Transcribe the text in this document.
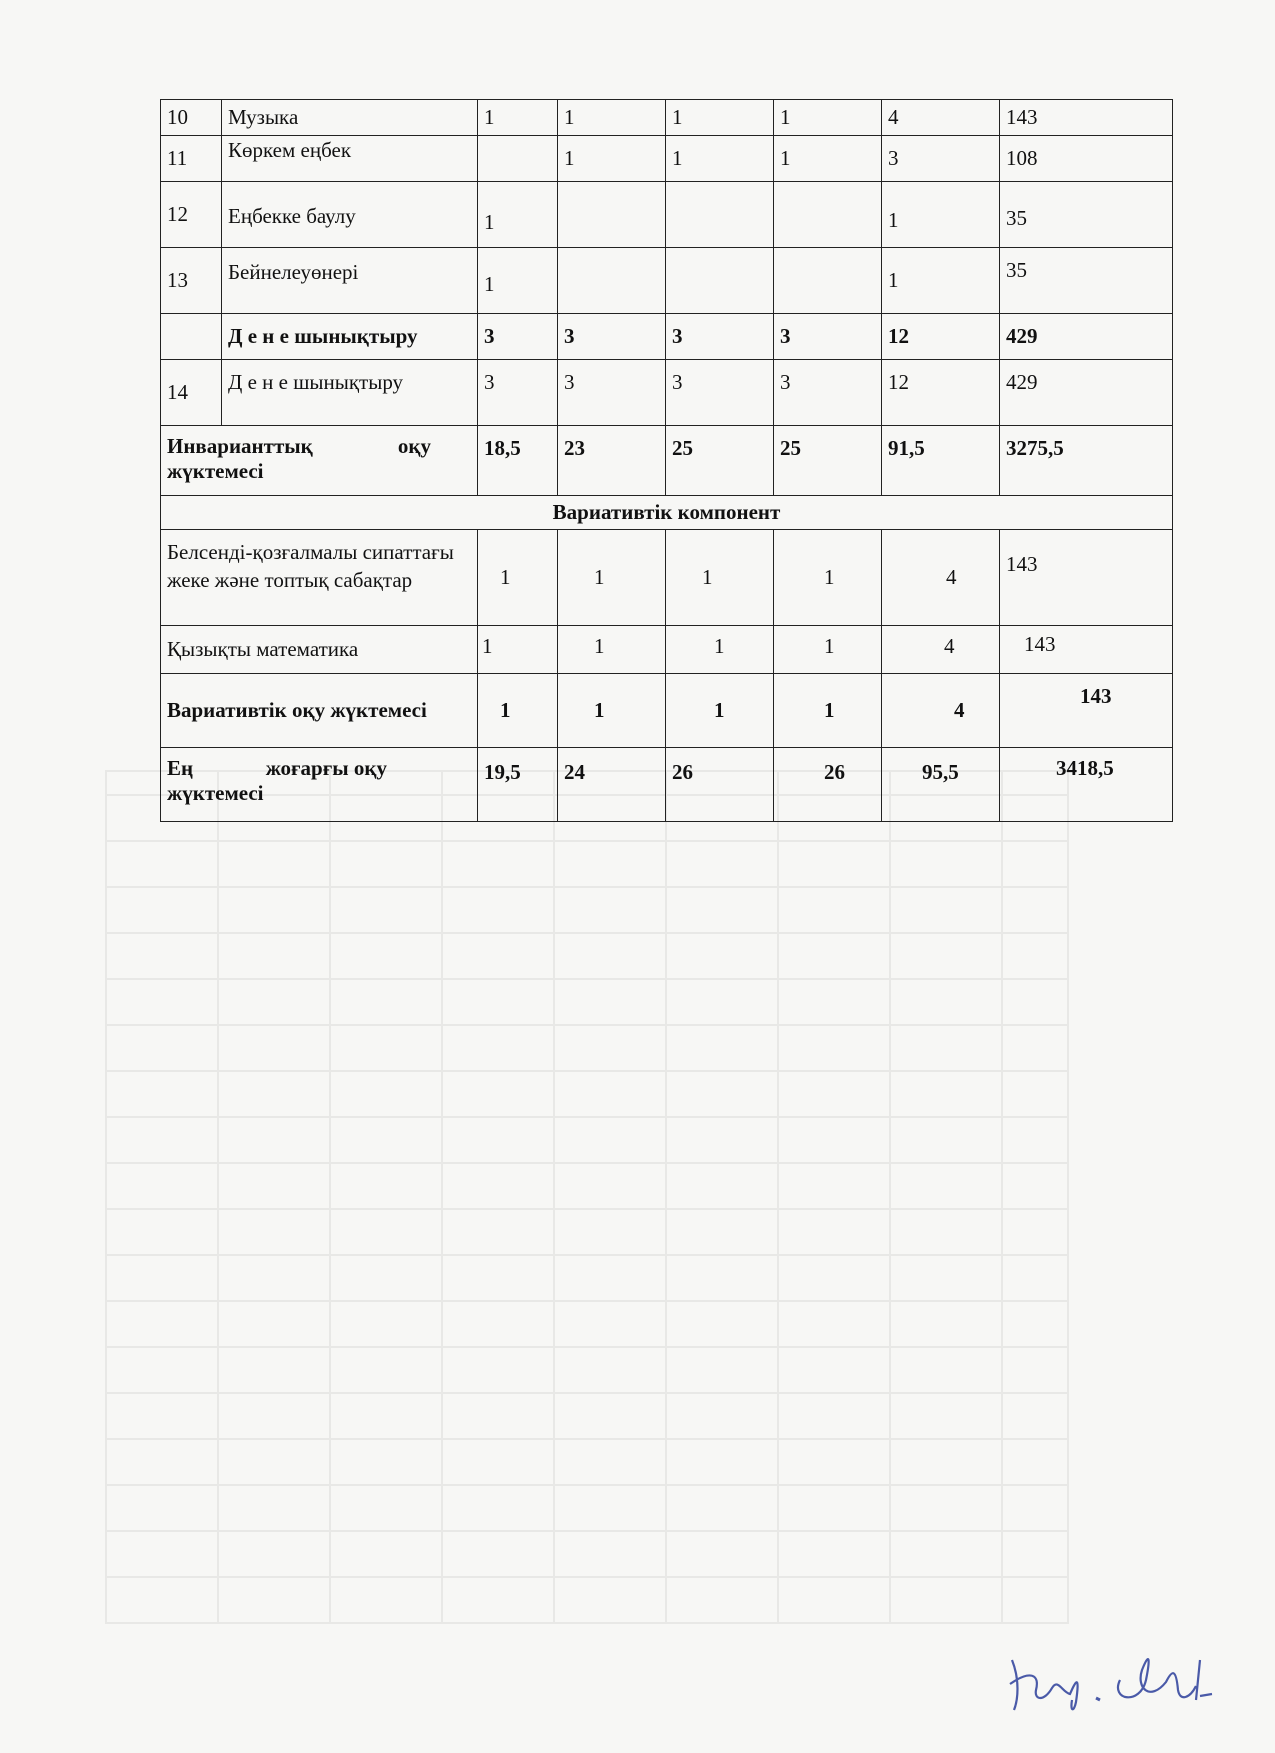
10	Музыка	1	1	1	1	4	143
11	Көркем еңбек		1	1	1	3	108
12	Еңбекке баулу	1				1	35
13	Бейнелеуөнері	1				1	35
	Д е н е шынықтыру	3	3	3	3	12	429
14	Д е н е шынықтыру	3	3	3	3	12	429

Инварианттық оқу
жүктемесі		18,5	23	25	25	91,5	3275,5
Вариативтік компонент							
Белсенді-қозғалмалы сипаттағы жеке және топтық сабақтар		1	1	1	1	4	143
Қызықты математика		1	1	1	1	4	143
Вариативтік оқу жүктемесі		1	1	1	1	4	143

Ең жоғарғы оқу
жүктемесі		19,5	24	26	26	95,5	3418,5
